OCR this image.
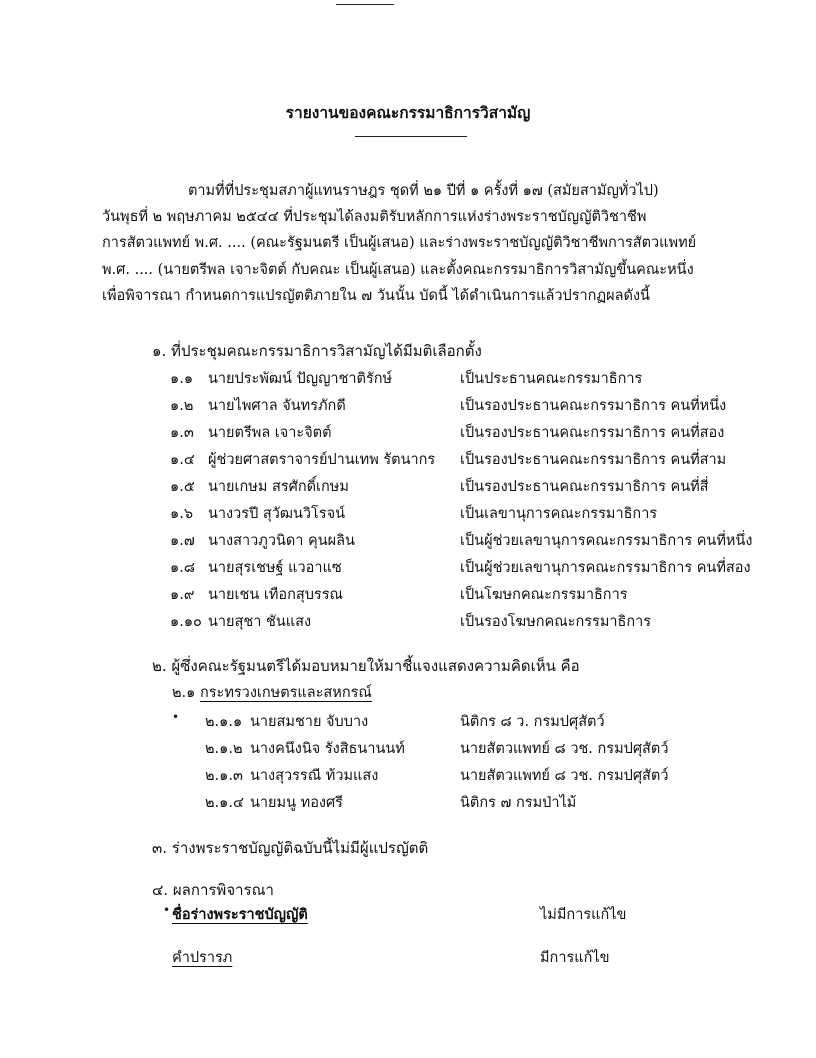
รายงานของคณะกรรมาธิการวิสามัญ
ตามที่ที่ประชุมสภาผู้แทนราษฎร ชุดที่ ๒๑ ปีที่ ๑ ครั้งที่ ๑๗ (สมัยสามัญทั่วไป)
วันพุธที่ ๒ พฤษภาคม ๒๕๔๔ ที่ประชุมได้ลงมติรับหลักการแห่งร่างพระราชบัญญัติวิชาชีพ
การสัตวแพทย์ พ.ศ. .... (คณะรัฐมนตรี เป็นผู้เสนอ) และร่างพระราชบัญญัติวิชาชีพการสัตวแพทย์
พ.ศ. .... (นายตรีพล เจาะจิตต์ กับคณะ เป็นผู้เสนอ) และตั้งคณะกรรมาธิการวิสามัญขึ้นคณะหนึ่ง
เพื่อพิจารณา กำหนดการแปรญัตติภายใน ๗ วันนั้น บัดนี้ ได้ดำเนินการแล้วปรากฏผลดังนี้
๑. ที่ประชุมคณะกรรมาธิการวิสามัญได้มีมติเลือกตั้ง
๑.๑ นายประพัฒน์ ปัญญาชาติรักษ์	เป็นประธานคณะกรรมาธิการ
๑.๒ นายไพศาล จันทรภักดี	เป็นรองประธานคณะกรรมาธิการ คนที่หนึ่ง
๑.๓ นายตรีพล เจาะจิตต์	เป็นรองประธานคณะกรรมาธิการ คนที่สอง
๑.๔ ผู้ช่วยศาสตราจารย์ปานเทพ รัตนากร เป็นรองประธานคณะกรรมาธิการ คนที่สาม
๑.๕ นายเกษม สรศักดิ์เกษม	เป็นรองประธานคณะกรรมาธิการ คนที่สี่
๑.๖ นางวรปี สุวัฒนวิโรจน์	เป็นเลขานุการคณะกรรมาธิการ
๑.๗ นางสาวภูวนิดา คุนผลิน	เป็นผู้ช่วยเลขานุการคณะกรรมาธิการ คนที่หนึ่ง
๑.๘ นายสุรเชษฐ์ แวอาแซ	เป็นผู้ช่วยเลขานุการคณะกรรมาธิการ คนที่สอง
๑.๙ นายเชน เทือกสุบรรณ	เป็นโฆษกคณะกรรมาธิการ
๑.๑๐ นายสุชา ชันแสง	เป็นรองโฆษกคณะกรรมาธิการ
๒. ผู้ซึ่งคณะรัฐมนตรีได้มอบหมายให้มาชี้แจงแสดงความคิดเห็น คือ
๒.๑ กระทรวงเกษตรและสหกรณ์
• ๒.๑.๑ นายสมชาย จับบาง	นิติกร ๘ ว. กรมปศุสัตว์
๒.๑.๒ นางคนึงนิจ รังสิธนานนท์	นายสัตวแพทย์ ๘ วช. กรมปศุสัตว์
๒.๑.๓ นางสุวรรณี ท้วมแสง	นายสัตวแพทย์ ๘ วช. กรมปศุสัตว์
๒.๑.๔ นายมนู ทองศรี	นิติกร ๗ กรมป่าไม้
๓. ร่างพระราชบัญญัติฉบับนี้ไม่มีผู้แปรญัตติ
๔. ผลการพิจารณา
• ชื่อร่างพระราชบัญญัติ	ไม่มีการแก้ไข
คำปรารภ	มีการแก้ไข
